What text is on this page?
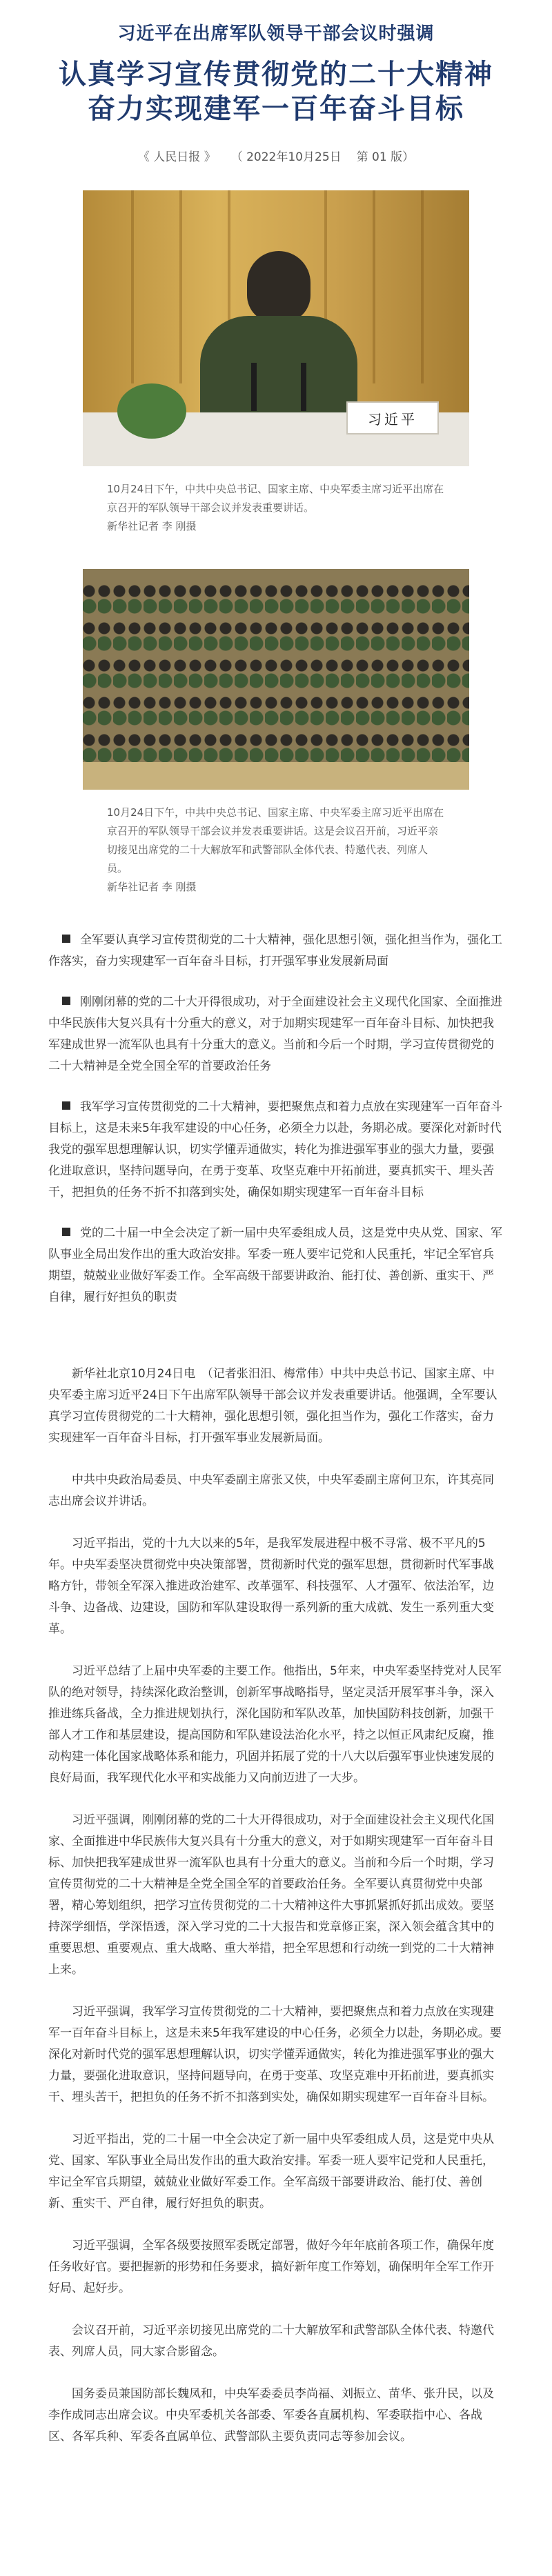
习近平在出席军队领导干部会议时强调
认真学习宣传贯彻党的二十大精神
奋力实现建军一百年奋斗目标
《 人民日报 》 （ 2022年10月25日 第 01 版）
习近平
10月24日下午，中共中央总书记、国家主席、中央军委主席习近平出席在京召开的军队领导干部会议并发表重要讲话。
新华社记者 李 刚摄
10月24日下午，中共中央总书记、国家主席、中央军委主席习近平出席在京召开的军队领导干部会议并发表重要讲话。这是会议召开前，习近平亲切接见出席党的二十大解放军和武警部队全体代表、特邀代表、列席人员。
新华社记者 李 刚摄

全军要认真学习宣传贯彻党的二十大精神，强化思想引领，强化担当作为，强化工作落实，奋力实现建军一百年奋斗目标，打开强军事业发展新局面

刚刚闭幕的党的二十大开得很成功，对于全面建设社会主义现代化国家、全面推进中华民族伟大复兴具有十分重大的意义，对于加期实现建军一百年奋斗目标、加快把我军建成世界一流军队也具有十分重大的意义。当前和今后一个时期，学习宣传贯彻党的二十大精神是全党全国全军的首要政治任务

我军学习宣传贯彻党的二十大精神，要把聚焦点和着力点放在实现建军一百年奋斗目标上，这是未来5年我军建设的中心任务，必须全力以赴，务期必成。要深化对新时代我党的强军思想理解认识，切实学懂弄通做实，转化为推进强军事业的强大力量，要强化进取意识，坚持问题导向，在勇于变革、攻坚克难中开拓前进，要真抓实干、埋头苦干，把担负的任务不折不扣落到实处，确保如期实现建军一百年奋斗目标

党的二十届一中全会决定了新一届中央军委组成人员，这是党中央从党、国家、军队事业全局出发作出的重大政治安排。军委一班人要牢记党和人民重托，牢记全军官兵期望，兢兢业业做好军委工作。全军高级干部要讲政治、能打仗、善创新、重实干、严自律，履行好担负的职责

新华社北京10月24日电　（记者张汨汨、梅常伟）中共中央总书记、国家主席、中央军委主席习近平24日下午出席军队领导干部会议并发表重要讲话。他强调，全军要认真学习宣传贯彻党的二十大精神，强化思想引领，强化担当作为，强化工作落实，奋力实现建军一百年奋斗目标，打开强军事业发展新局面。

中共中央政治局委员、中央军委副主席张又侠，中央军委副主席何卫东，许其亮同志出席会议并讲话。

习近平指出，党的十九大以来的5年，是我军发展进程中极不寻常、极不平凡的5年。中央军委坚决贯彻党中央决策部署，贯彻新时代党的强军思想，贯彻新时代军事战略方针，带领全军深入推进政治建军、改革强军、科技强军、人才强军、依法治军，边斗争、边备战、边建设，国防和军队建设取得一系列新的重大成就、发生一系列重大变革。

习近平总结了上届中央军委的主要工作。他指出，5年来，中央军委坚持党对人民军队的绝对领导，持续深化政治整训，创新军事战略指导，坚定灵活开展军事斗争，深入推进练兵备战，全力推进规划执行，深化国防和军队改革，加快国防科技创新，加强干部人才工作和基层建设，提高国防和军队建设法治化水平，持之以恒正风肃纪反腐，推动构建一体化国家战略体系和能力，巩固并拓展了党的十八大以后强军事业快速发展的良好局面，我军现代化水平和实战能力又向前迈进了一大步。

习近平强调，刚刚闭幕的党的二十大开得很成功，对于全面建设社会主义现代化国家、全面推进中华民族伟大复兴具有十分重大的意义，对于如期实现建军一百年奋斗目标、加快把我军建成世界一流军队也具有十分重大的意义。当前和今后一个时期，学习宣传贯彻党的二十大精神是全党全国全军的首要政治任务。全军要认真贯彻党中央部署，精心筹划组织，把学习宣传贯彻党的二十大精神这件大事抓紧抓好抓出成效。要坚持深学细悟，学深悟透，深入学习党的二十大报告和党章修正案，深入领会蕴含其中的重要思想、重要观点、重大战略、重大举措，把全军思想和行动统一到党的二十大精神上来。

习近平强调，我军学习宣传贯彻党的二十大精神，要把聚焦点和着力点放在实现建军一百年奋斗目标上，这是未来5年我军建设的中心任务，必须全力以赴，务期必成。要深化对新时代党的强军思想理解认识，切实学懂弄通做实，转化为推进强军事业的强大力量，要强化进取意识，坚持问题导向，在勇于变革、攻坚克难中开拓前进，要真抓实干、埋头苦干，把担负的任务不折不扣落到实处，确保如期实现建军一百年奋斗目标。

习近平指出，党的二十届一中全会决定了新一届中央军委组成人员，这是党中央从党、国家、军队事业全局出发作出的重大政治安排。军委一班人要牢记党和人民重托，牢记全军官兵期望，兢兢业业做好军委工作。全军高级干部要讲政治、能打仗、善创新、重实干、严自律，履行好担负的职责。

习近平强调，全军各级要按照军委既定部署，做好今年年底前各项工作，确保年度任务收好官。要把握新的形势和任务要求，搞好新年度工作筹划，确保明年全军工作开好局、起好步。

会议召开前，习近平亲切接见出席党的二十大解放军和武警部队全体代表、特邀代表、列席人员，同大家合影留念。

国务委员兼国防部长魏凤和，中央军委委员李尚福、刘振立、苗华、张升民，以及李作成同志出席会议。中央军委机关各部委、军委各直属机构、军委联指中心、各战区、各军兵种、军委各直属单位、武警部队主要负责同志等参加会议。
